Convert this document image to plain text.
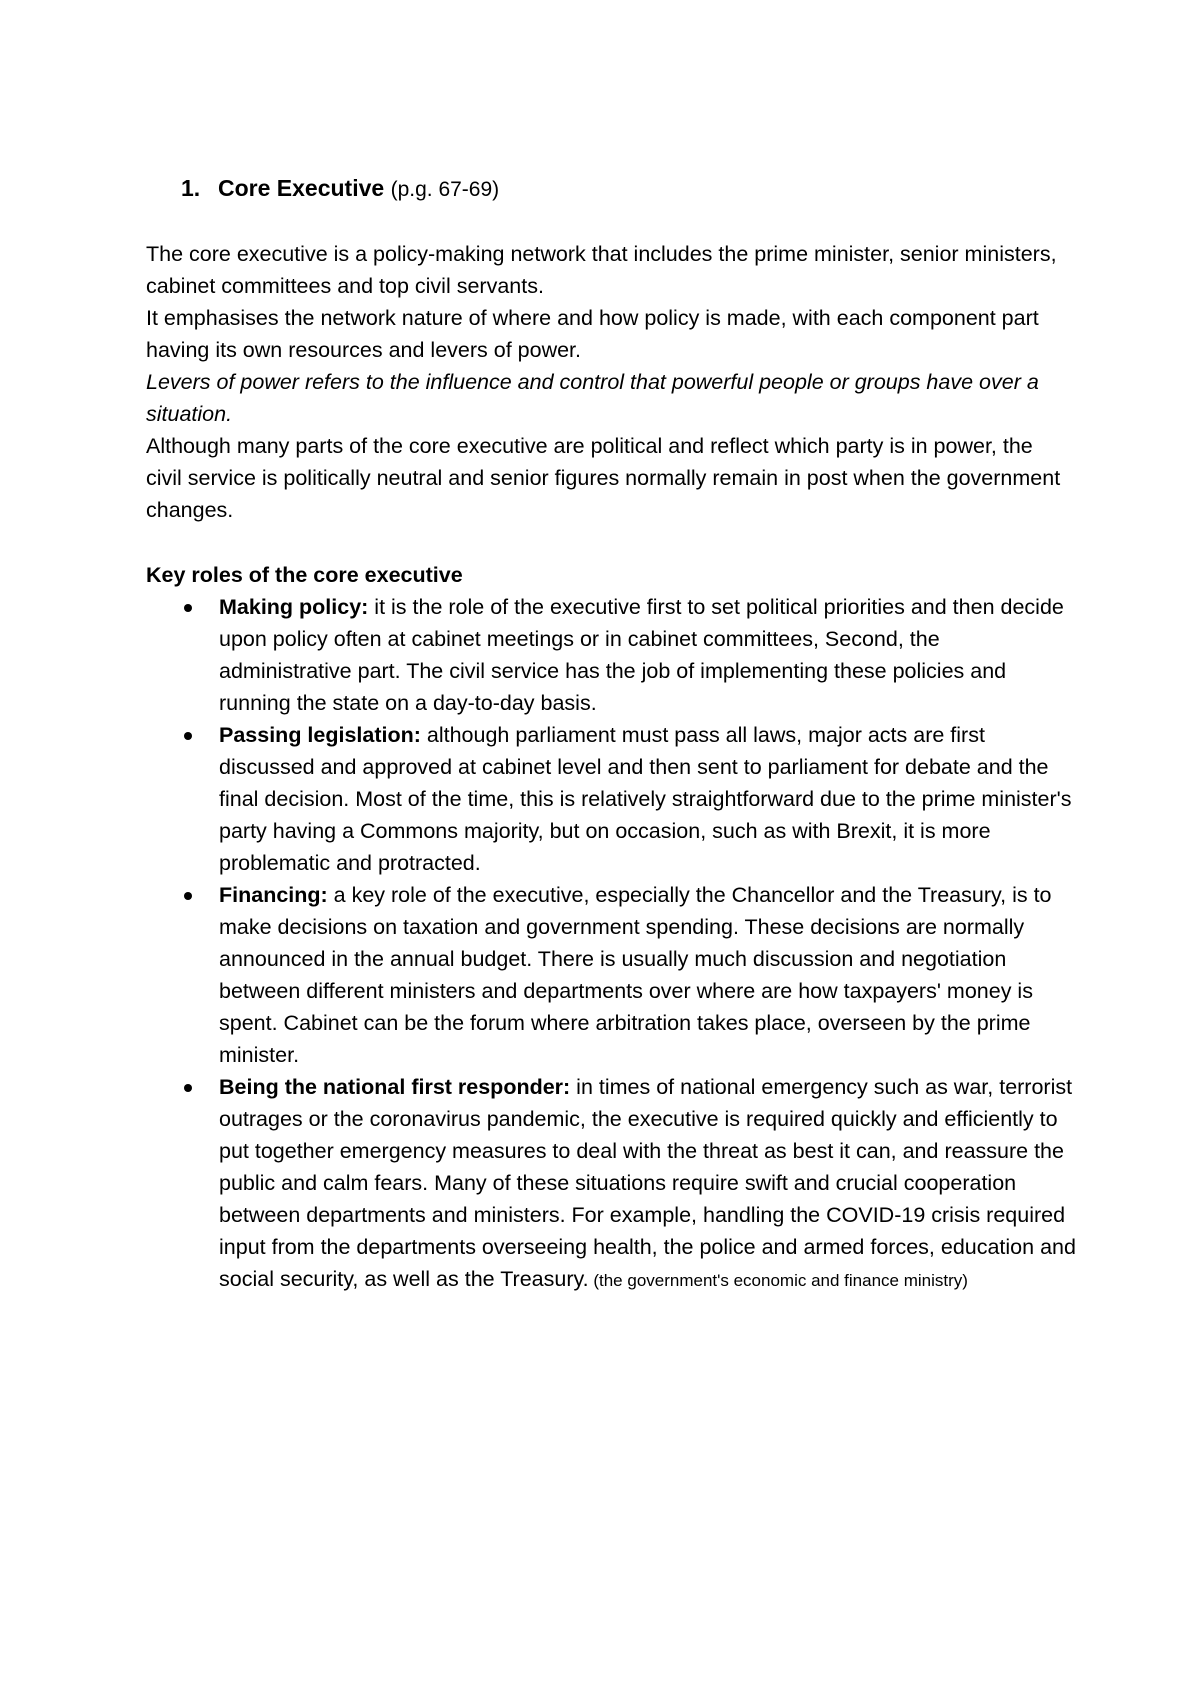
1. Core Executive (p.g. 67-69)

The core executive is a policy-making network that includes the prime minister, senior ministers, cabinet committees and top civil servants.

It emphasises the network nature of where and how policy is made, with each component part having its own resources and levers of power.

Levers of power refers to the influence and control that powerful people or groups have over a situation.

Although many parts of the core executive are political and reflect which party is in power, the civil service is politically neutral and senior figures normally remain in post when the government changes.

Key roles of the core executive
Making policy: it is the role of the executive first to set political priorities and then decide upon policy often at cabinet meetings or in cabinet committees, Second, the administrative part. The civil service has the job of implementing these policies and running the state on a day-to-day basis.
Passing legislation: although parliament must pass all laws, major acts are first discussed and approved at cabinet level and then sent to parliament for debate and the final decision. Most of the time, this is relatively straightforward due to the prime minister's party having a Commons majority, but on occasion, such as with Brexit, it is more problematic and protracted.
Financing: a key role of the executive, especially the Chancellor and the Treasury, is to make decisions on taxation and government spending. These decisions are normally announced in the annual budget. There is usually much discussion and negotiation between different ministers and departments over where are how taxpayers' money is spent. Cabinet can be the forum where arbitration takes place, overseen by the prime minister.
Being the national first responder: in times of national emergency such as war, terrorist outrages or the coronavirus pandemic, the executive is required quickly and efficiently to put together emergency measures to deal with the threat as best it can, and reassure the public and calm fears. Many of these situations require swift and crucial cooperation between departments and ministers. For example, handling the COVID-19 crisis required input from the departments overseeing health, the police and armed forces, education and social security, as well as the Treasury. (the government's economic and finance ministry)
